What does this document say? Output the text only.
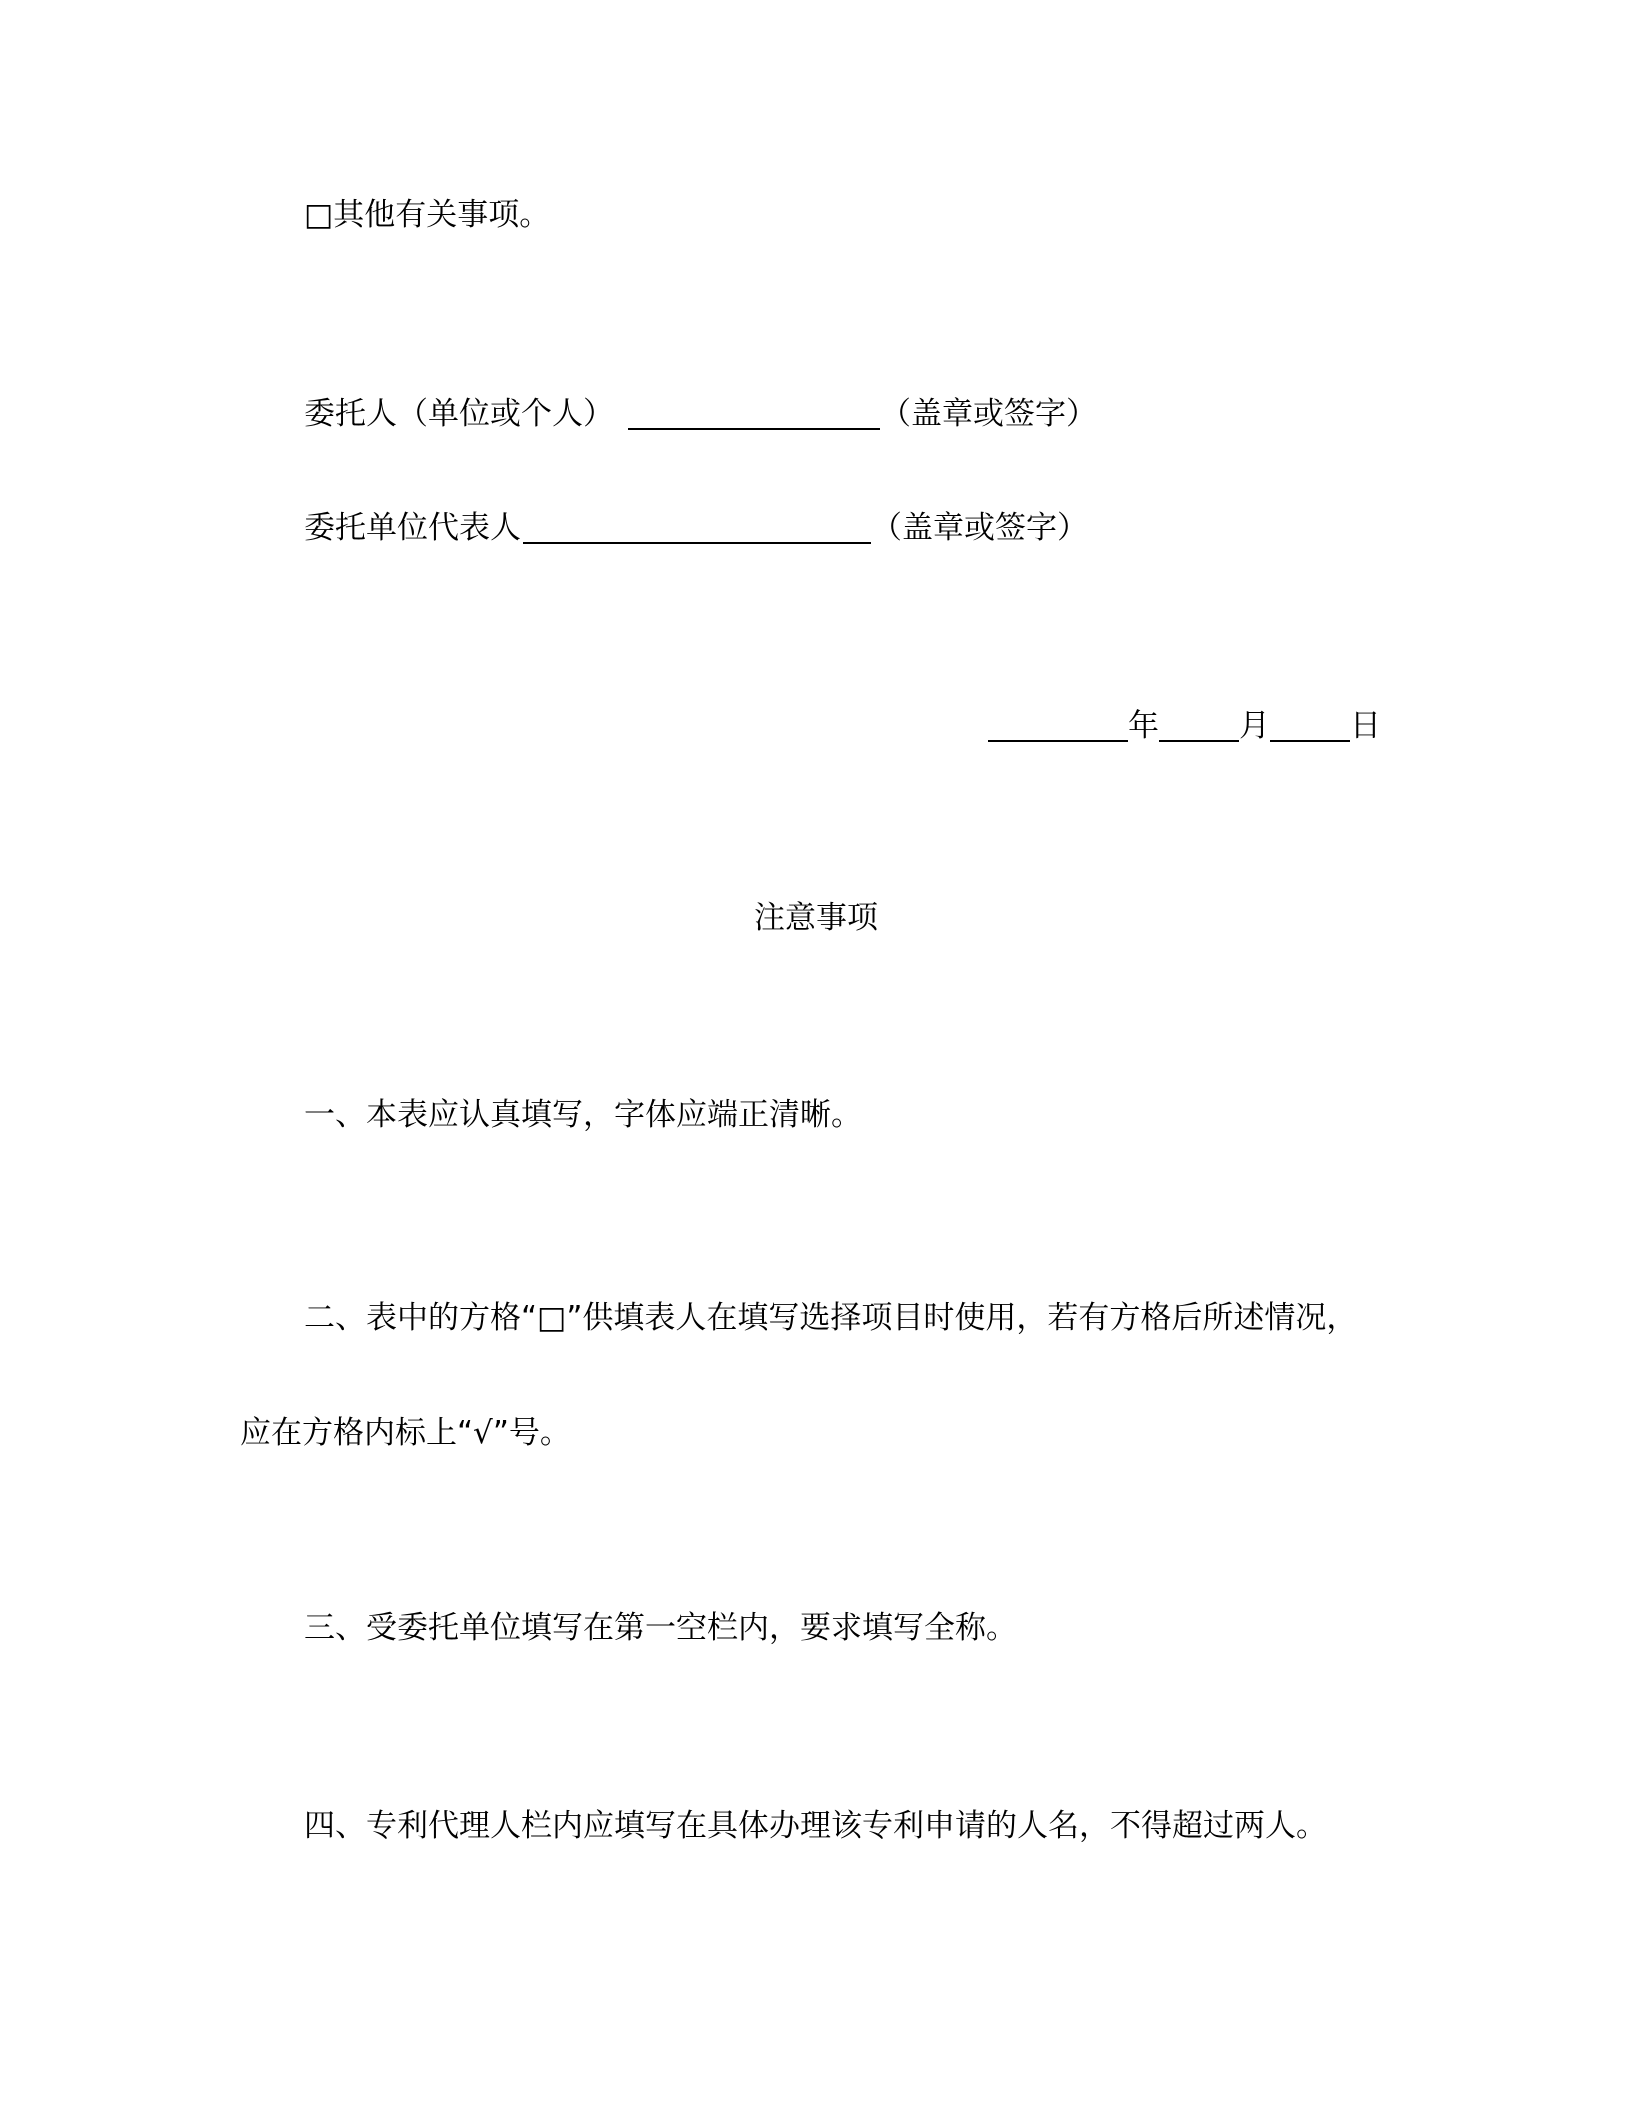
□其他有关事项。
委托人（单位或个人）	（盖章或签字）
委托单位代表人	（盖章或签字）
年	月	日
注意事项
一、本表应认真填写，字体应端正清晰。
二、表中的方格“□”供填表人在填写选择项目时使用，若有方格后所述情况，
应在方格内标上“√”号。
三、受委托单位填写在第一空栏内，要求填写全称。
四、专利代理人栏内应填写在具体办理该专利申请的人名，不得超过两人。
